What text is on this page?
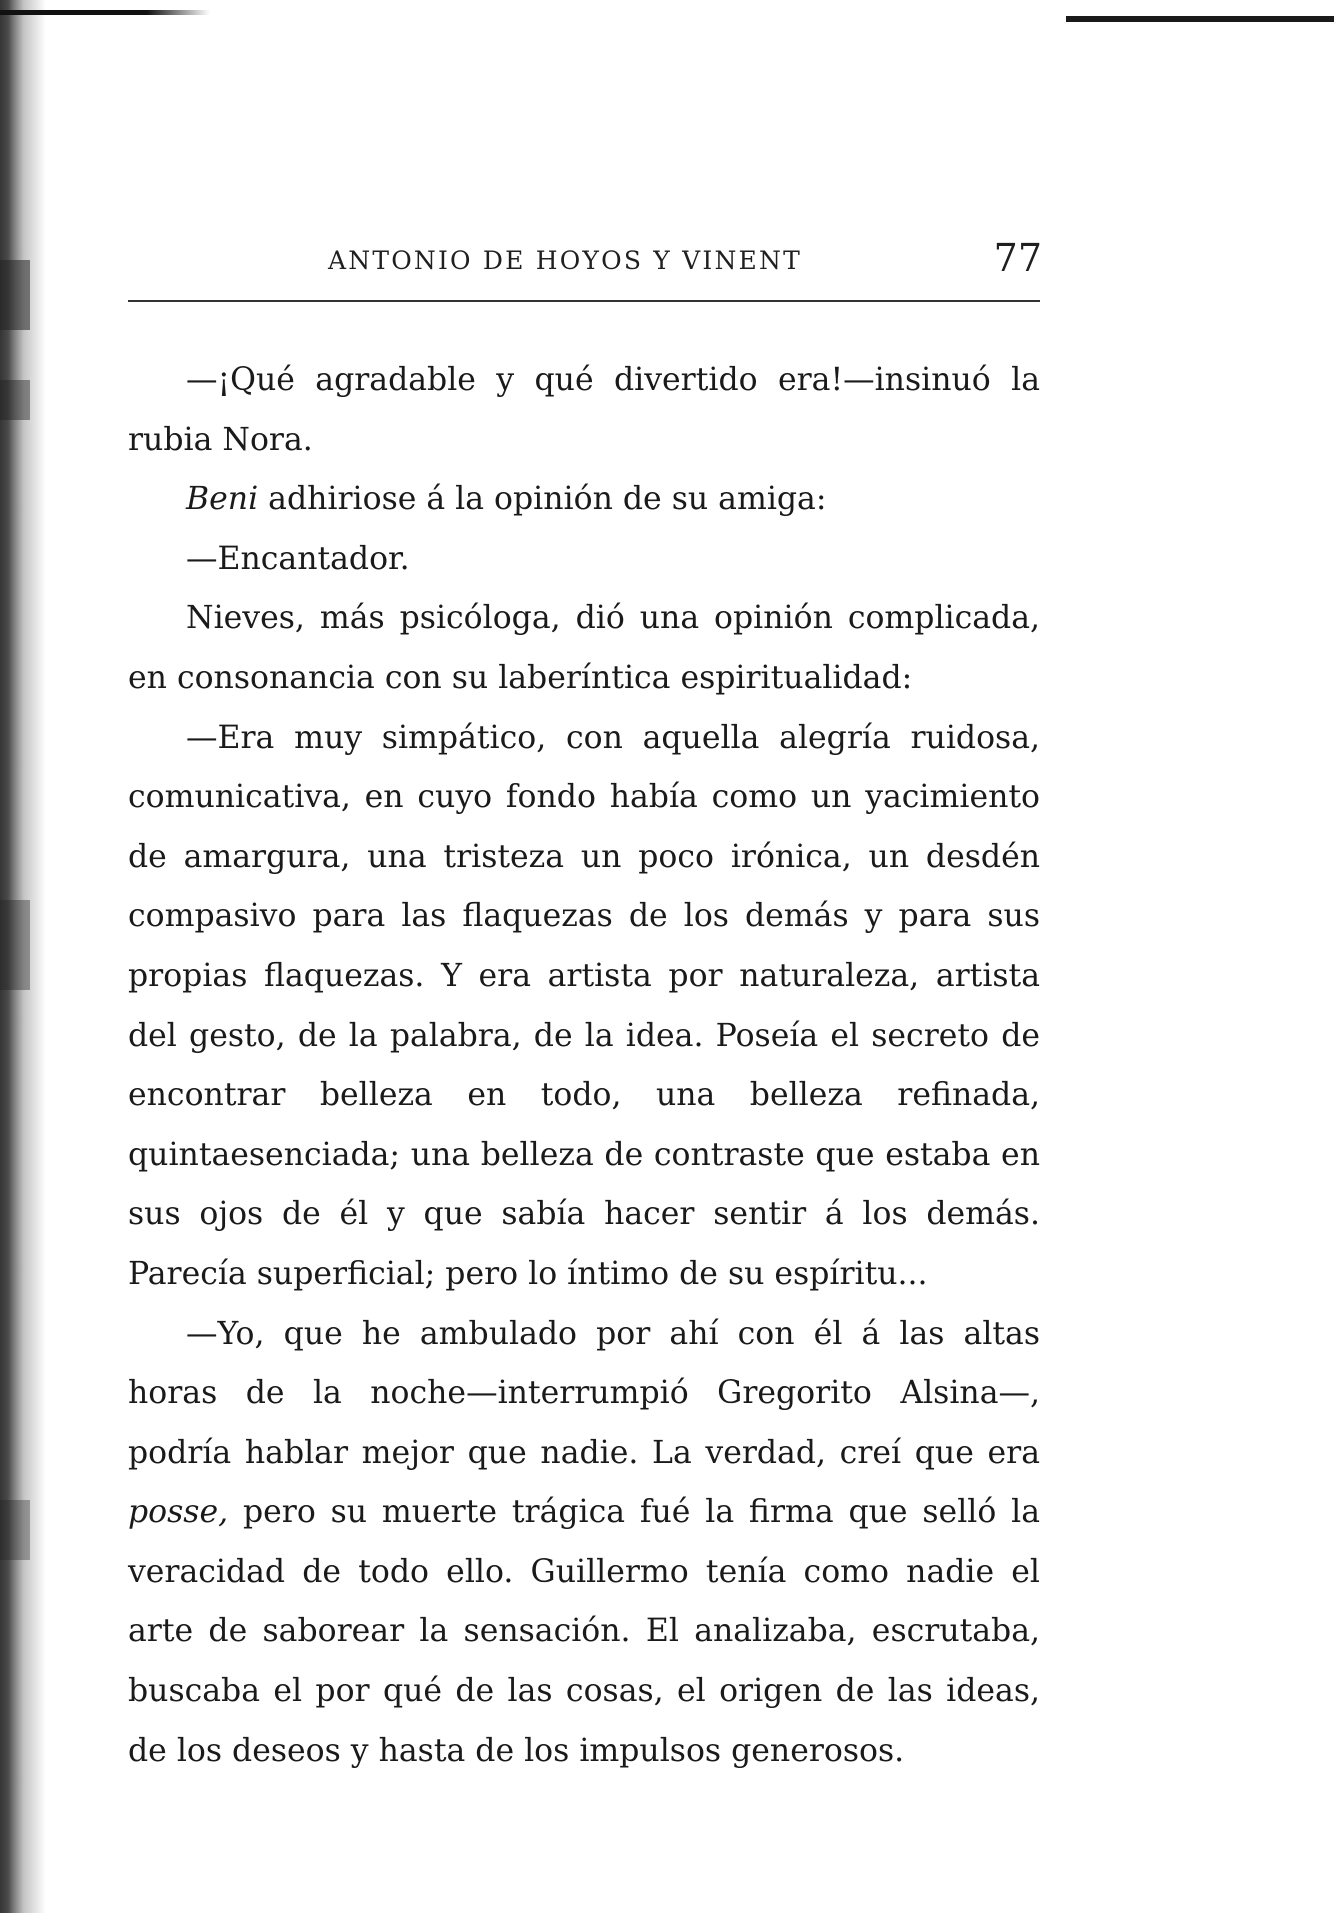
ANTONIO DE HOYOS Y VINENT	77

—¡Qué agradable y qué divertido era!—insinuó la rubia Nora.

Beni adhiriose á la opinión de su amiga:

—Encantador.

Nieves, más psicóloga, dió una opinión complicada, en consonancia con su laberíntica espiritualidad:

—Era muy simpático, con aquella alegría ruidosa, comunicativa, en cuyo fondo había como un yacimiento de amargura, una tristeza un poco irónica, un desdén compasivo para las flaquezas de los demás y para sus propias flaquezas. Y era artista por naturaleza, artista del gesto, de la palabra, de la idea. Poseía el secreto de encontrar belleza en todo, una belleza refinada, quintaesenciada; una belleza de contraste que estaba en sus ojos de él y que sabía hacer sentir á los demás. Parecía superficial; pero lo íntimo de su espíritu...

—Yo, que he ambulado por ahí con él á las altas horas de la noche—interrumpió Gregorito Alsina—, podría hablar mejor que nadie. La verdad, creí que era posse, pero su muerte trágica fué la firma que selló la veracidad de todo ello. Guillermo tenía como nadie el arte de saborear la sensación. El analizaba, escrutaba, buscaba el por qué de las cosas, el origen de las ideas, de los deseos y hasta de los impulsos generosos.
